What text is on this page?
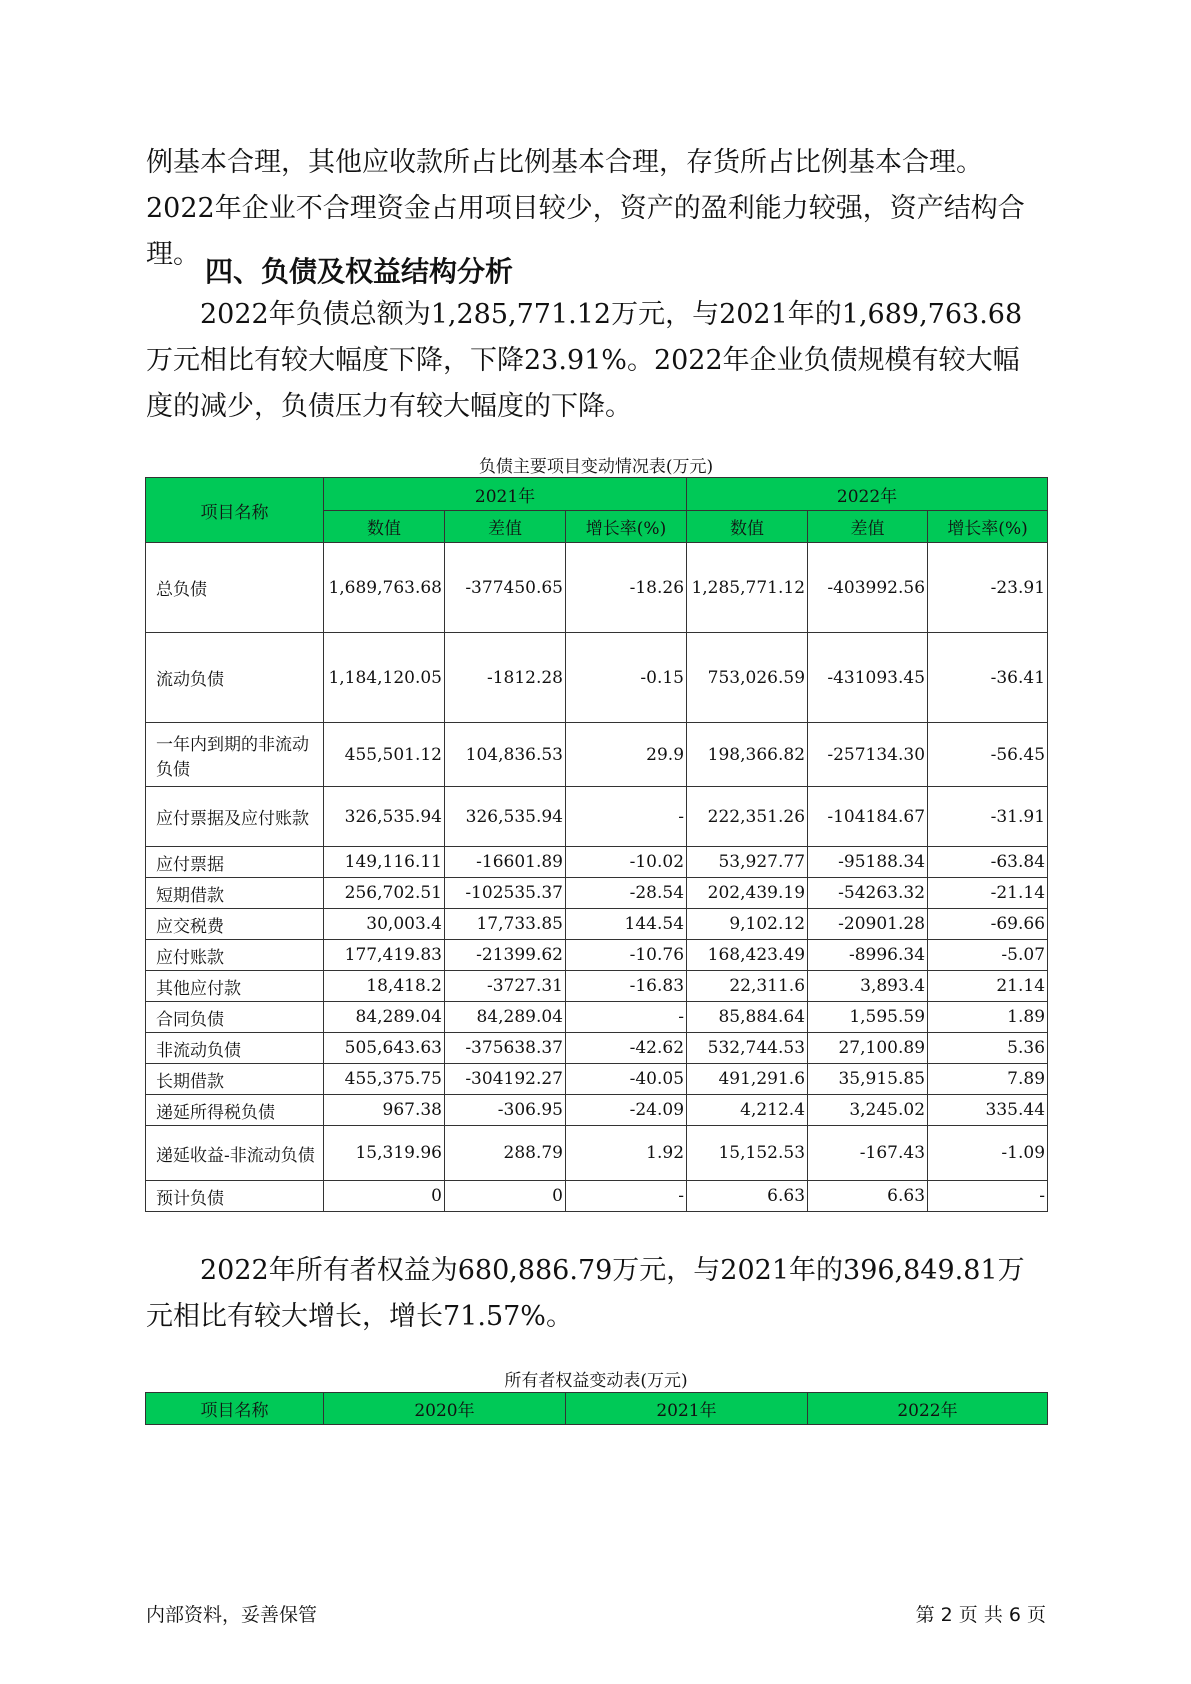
例基本合理，其他应收款所占比例基本合理，存货所占比例基本合理。2022年企业不合理资金占用项目较少，资产的盈利能力较强，资产结构合理。

四、负债及权益结构分析

2022年负债总额为1,285,771.12万元，与2021年的1,689,763.68万元相比有较大幅度下降，下降23.91%。2022年企业负债规模有较大幅度的减少，负债压力有较大幅度的下降。

负债主要项目变动情况表(万元)

项目名称	2021年			2022年		
	数值	差值	增长率(%)	数值	差值	增长率(%)
总负债	1,689,763.68	-377450.65	-18.26	1,285,771.12	-403992.56	-23.91
流动负债	1,184,120.05	-1812.28	-0.15	753,026.59	-431093.45	-36.41
一年内到期的非流动负债	455,501.12	104,836.53	29.9	198,366.82	-257134.30	-56.45
应付票据及应付账款	326,535.94	326,535.94	-	222,351.26	-104184.67	-31.91
应付票据	149,116.11	-16601.89	-10.02	53,927.77	-95188.34	-63.84
短期借款	256,702.51	-102535.37	-28.54	202,439.19	-54263.32	-21.14
应交税费	30,003.4	17,733.85	144.54	9,102.12	-20901.28	-69.66
应付账款	177,419.83	-21399.62	-10.76	168,423.49	-8996.34	-5.07
其他应付款	18,418.2	-3727.31	-16.83	22,311.6	3,893.4	21.14
合同负债	84,289.04	84,289.04	-	85,884.64	1,595.59	1.89
非流动负债	505,643.63	-375638.37	-42.62	532,744.53	27,100.89	5.36
长期借款	455,375.75	-304192.27	-40.05	491,291.6	35,915.85	7.89
递延所得税负债	967.38	-306.95	-24.09	4,212.4	3,245.02	335.44
递延收益-非流动负债	15,319.96	288.79	1.92	15,152.53	-167.43	-1.09
预计负债	0	0	-	6.63	6.63	-

2022年所有者权益为680,886.79万元，与2021年的396,849.81万元相比有较大增长，增长71.57%。

所有者权益变动表(万元)

项目名称	2020年	2021年	2022年
内部资料，妥善保管	第 2 页 共 6 页
